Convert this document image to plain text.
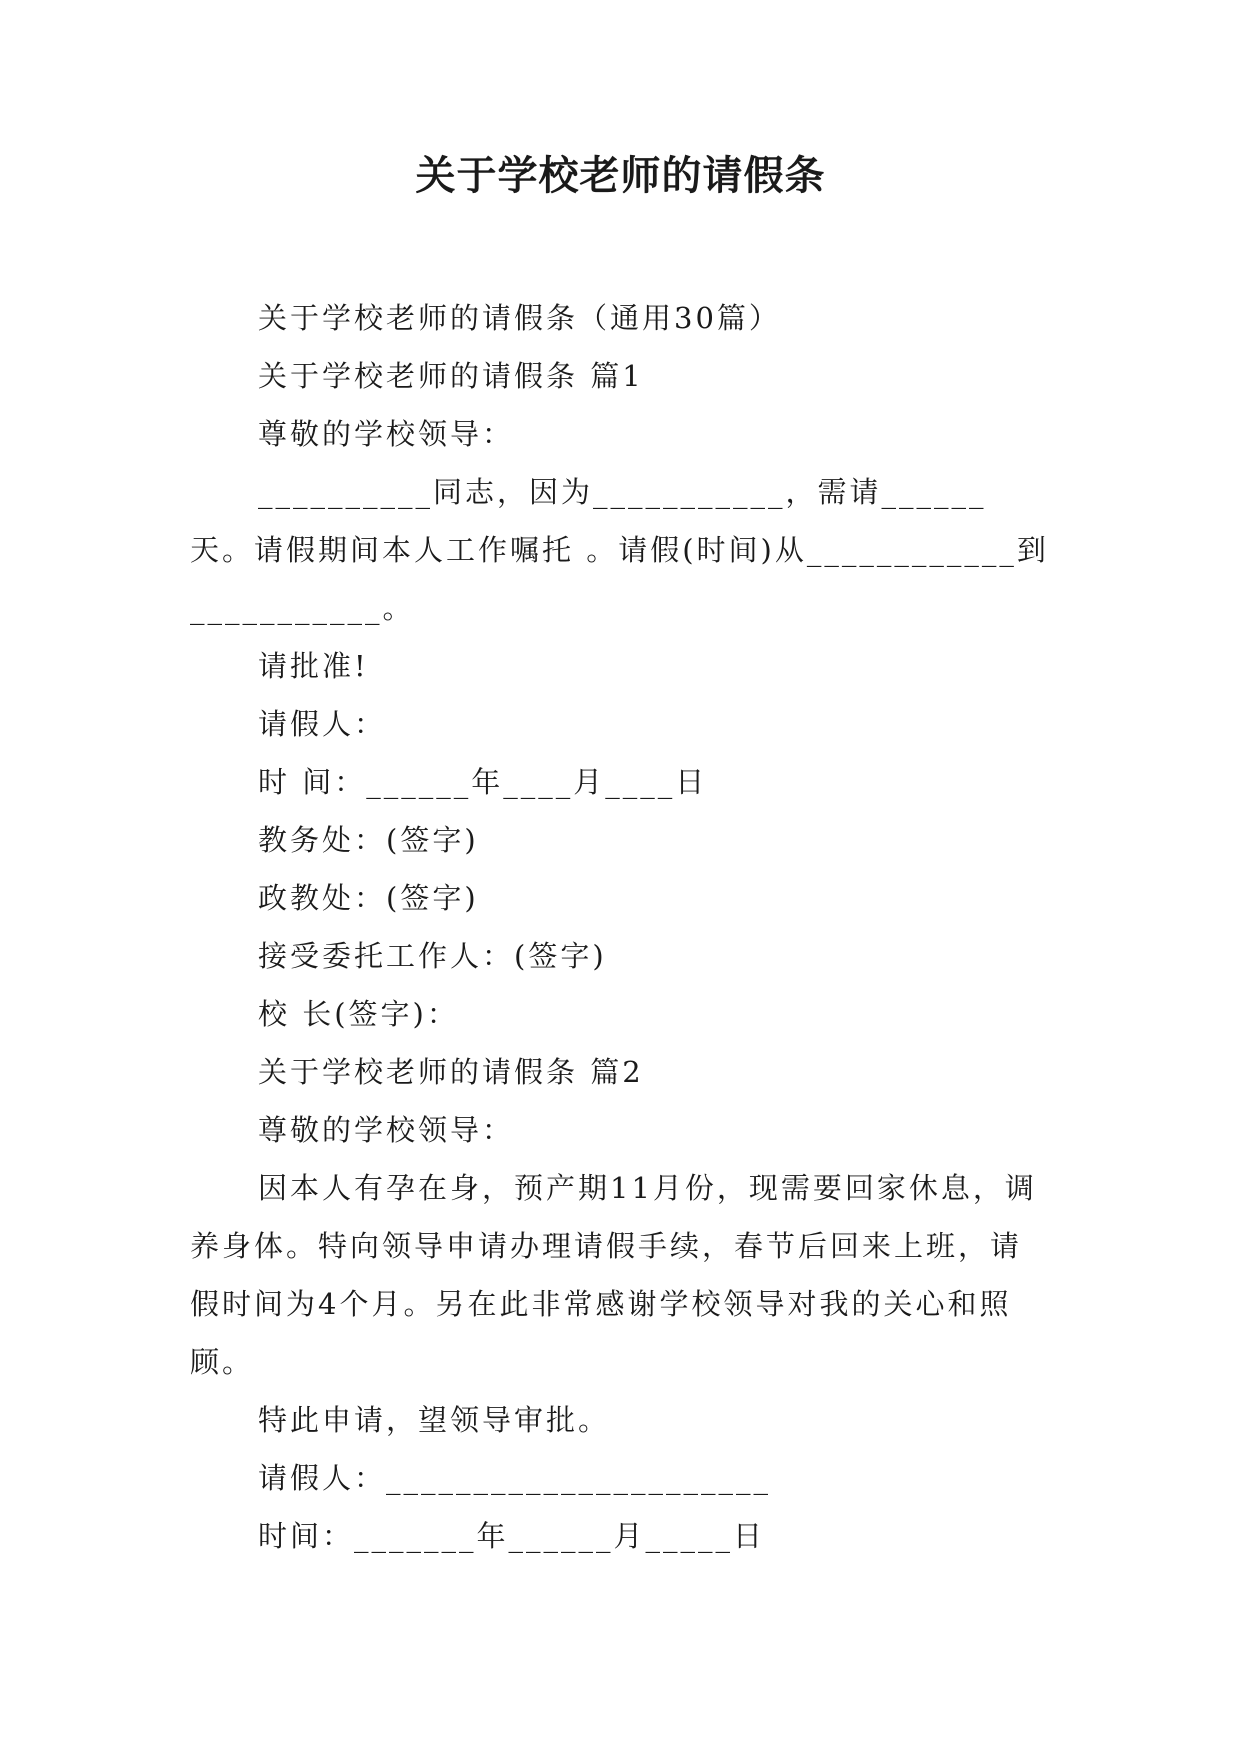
关于学校老师的请假条

关于学校老师的请假条（通用30篇）

关于学校老师的请假条 篇1

尊敬的学校领导：

__________同志，因为___________，需请______天。请假期间本人工作嘱托 。请假(时间)从____________到___________。

请批准!

请假人：

时 间：______年____月____日

教务处：(签字)

政教处：(签字)

接受委托工作人：(签字)

校 长(签字)：

关于学校老师的请假条 篇2

尊敬的学校领导：

因本人有孕在身，预产期11月份，现需要回家休息，调养身体。特向领导申请办理请假手续，春节后回来上班，请假时间为4个月。另在此非常感谢学校领导对我的关心和照顾。

特此申请，望领导审批。

请假人：______________________

时间：_______年______月_____日
